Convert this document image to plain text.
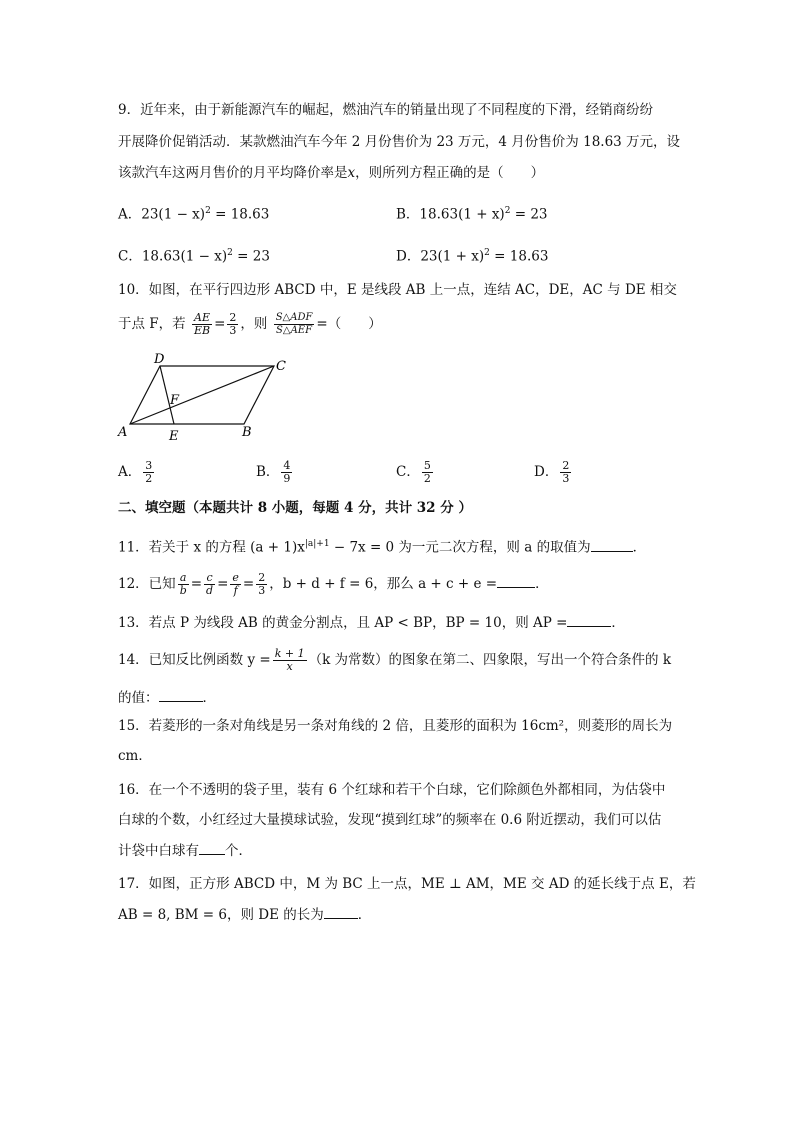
9．近年来，由于新能源汽车的崛起，燃油汽车的销量出现了不同程度的下滑，经销商纷纷
开展降价促销活动．某款燃油汽车今年 2 月份售价为 23 万元，4 月份售价为 18.63 万元，设
该款汽车这两月售价的月平均降价率是x，则所列方程正确的是（　　）
A．$23(1 - x)^2 = 18.63$	B．$18.63(1 + x)^2 = 23$
C．$18.63(1 - x)^2 = 23$	D．$23(1 + x)^2 = 18.63$
10．如图，在平行四边形 ABCD 中，E 是线段 AB 上一点，连结 AC，DE，AC 与 DE 相交
于点 F，若 $\frac{AE}{EB} = \frac{2}{3}$ ，则 $\frac{\text{S△ADF}}{\text{S△AEF}}$ =（　　）
A	E	B
C
D
F
A． $\frac{3}{2}$	B． $\frac{4}{9}$	C． $\frac{5}{2}$	D． $\frac{2}{3}$
二、填空题（本题共计 8 小题，每题 4 分，共计 32 分 ）
11．若关于 x 的方程 $(a + 1)x^{|a|+1} - 7x = 0$ 为一元二次方程，则 a 的取值为	．
12．已知 $\frac{a}{b} = \frac{c}{d} = \frac{e}{f} = \frac{2}{3}$ ，b + d + f = 6，那么 a + c + e =	．
13．若点 P 为线段 AB 的黄金分割点，且 AP < BP，BP = 10，则 AP =	．
14．已知反比例函数 $y = \frac{k + 1}{x} (k$ 为常数）的图象在第二、四象限，写出一个符合条件的 k
的值：	．
15．若菱形的一条对角线是另一条对角线的 2 倍，且菱形的面积为 16cm²，则菱形的周长为
cm．
16．在一个不透明的袋子里，装有 6 个红球和若干个白球，它们除颜色外都相同，为估袋中
白球的个数，小红经过大量摸球试验，发现“摸到红球”的频率在 0.6 附近摆动，我们可以估
计袋中白球有 个．
17．如图，正方形 ABCD 中，M 为 BC 上一点，ME ⊥ AM，ME 交 AD 的延长线于点 E，若
AB = 8, BM = 6，则 DE 的长为	．
